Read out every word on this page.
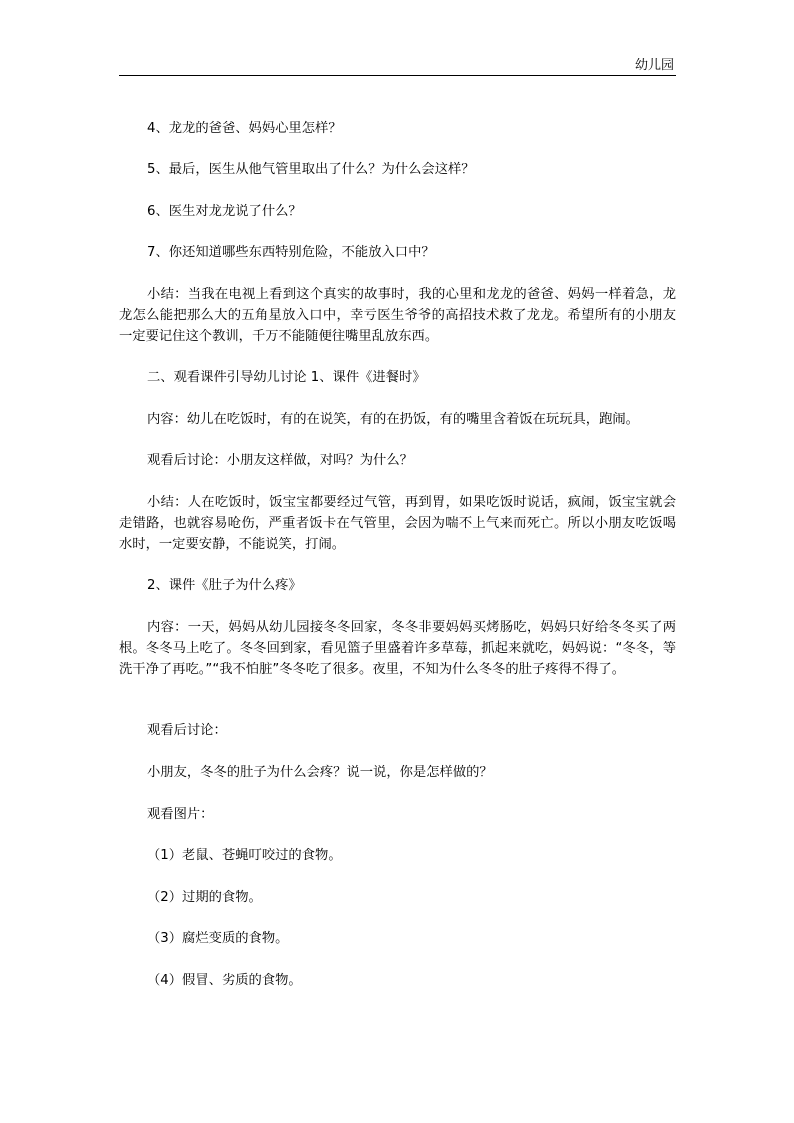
幼儿园

4、龙龙的爸爸、妈妈心里怎样？

5、最后，医生从他气管里取出了什么？为什么会这样？

6、医生对龙龙说了什么？

7、你还知道哪些东西特别危险，不能放入口中？

小结：当我在电视上看到这个真实的故事时，我的心里和龙龙的爸爸、妈妈一样着急，龙龙怎么能把那么大的五角星放入口中，幸亏医生爷爷的高招技术救了龙龙。希望所有的小朋友一定要记住这个教训，千万不能随便往嘴里乱放东西。

二、观看课件引导幼儿讨论 1、课件《进餐时》

内容：幼儿在吃饭时，有的在说笑，有的在扔饭，有的嘴里含着饭在玩玩具，跑闹。

观看后讨论：小朋友这样做，对吗？为什么？

小结：人在吃饭时，饭宝宝都要经过气管，再到胃，如果吃饭时说话，疯闹，饭宝宝就会走错路，也就容易呛伤，严重者饭卡在气管里，会因为喘不上气来而死亡。所以小朋友吃饭喝水时，一定要安静，不能说笑，打闹。

2、课件《肚子为什么疼》

内容：一天，妈妈从幼儿园接冬冬回家，冬冬非要妈妈买烤肠吃，妈妈只好给冬冬买了两根。冬冬马上吃了。冬冬回到家，看见篮子里盛着许多草莓，抓起来就吃，妈妈说：“冬冬，等洗干净了再吃。”“我不怕脏”冬冬吃了很多。夜里，不知为什么冬冬的肚子疼得不得了。

观看后讨论：

小朋友，冬冬的肚子为什么会疼？说一说，你是怎样做的？

观看图片：

（1）老鼠、苍蝇叮咬过的食物。

（2）过期的食物。

（3）腐烂变质的食物。

（4）假冒、劣质的食物。
